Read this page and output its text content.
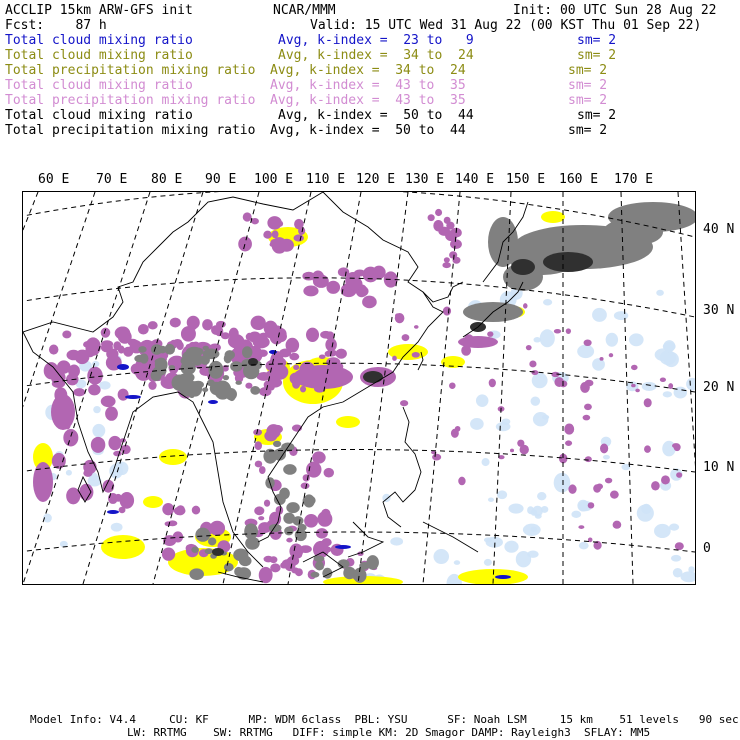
ACCLIP 15km ARW-GFS init	NCAR/MMM	Init: 00 UTC Sun 28 Aug 22
Fcst:    87 h	Valid: 15 UTC Wed 31 Aug 22 (00 KST Thu 01 Sep 22)
Total cloud mixing ratio	Avg, k-index =  23 to   9	sm= 2
Total cloud mixing ratio	Avg, k-index =  34 to  24	sm= 2
Total precipitation mixing ratio Avg, k-index =  34 to  24	sm= 2
Total cloud mixing ratio	Avg, k-index =  43 to  35	sm= 2
Total precipitation mixing ratio Avg, k-index =  43 to  35	sm= 2
Total cloud mixing ratio	Avg, k-index =  50 to  44	sm= 2
Total precipitation mixing ratio Avg, k-index =  50 to  44	sm= 2
60 E 70 E 80 E 90 E 100 E 110 E 120 E 130 E 140 E 150 E 160 E 170 E
40 N
30 N
20 N
10 N
0
Model Info: V4.4     CU: KF      MP: WDM 6class  PBL: YSU      SF: Noah LSM     15 km    51 levels   90 sec
LW: RRTMG    SW: RRTMG   DIFF: simple KM: 2D Smagor DAMP: Rayleigh3  SFLAY: MM5
